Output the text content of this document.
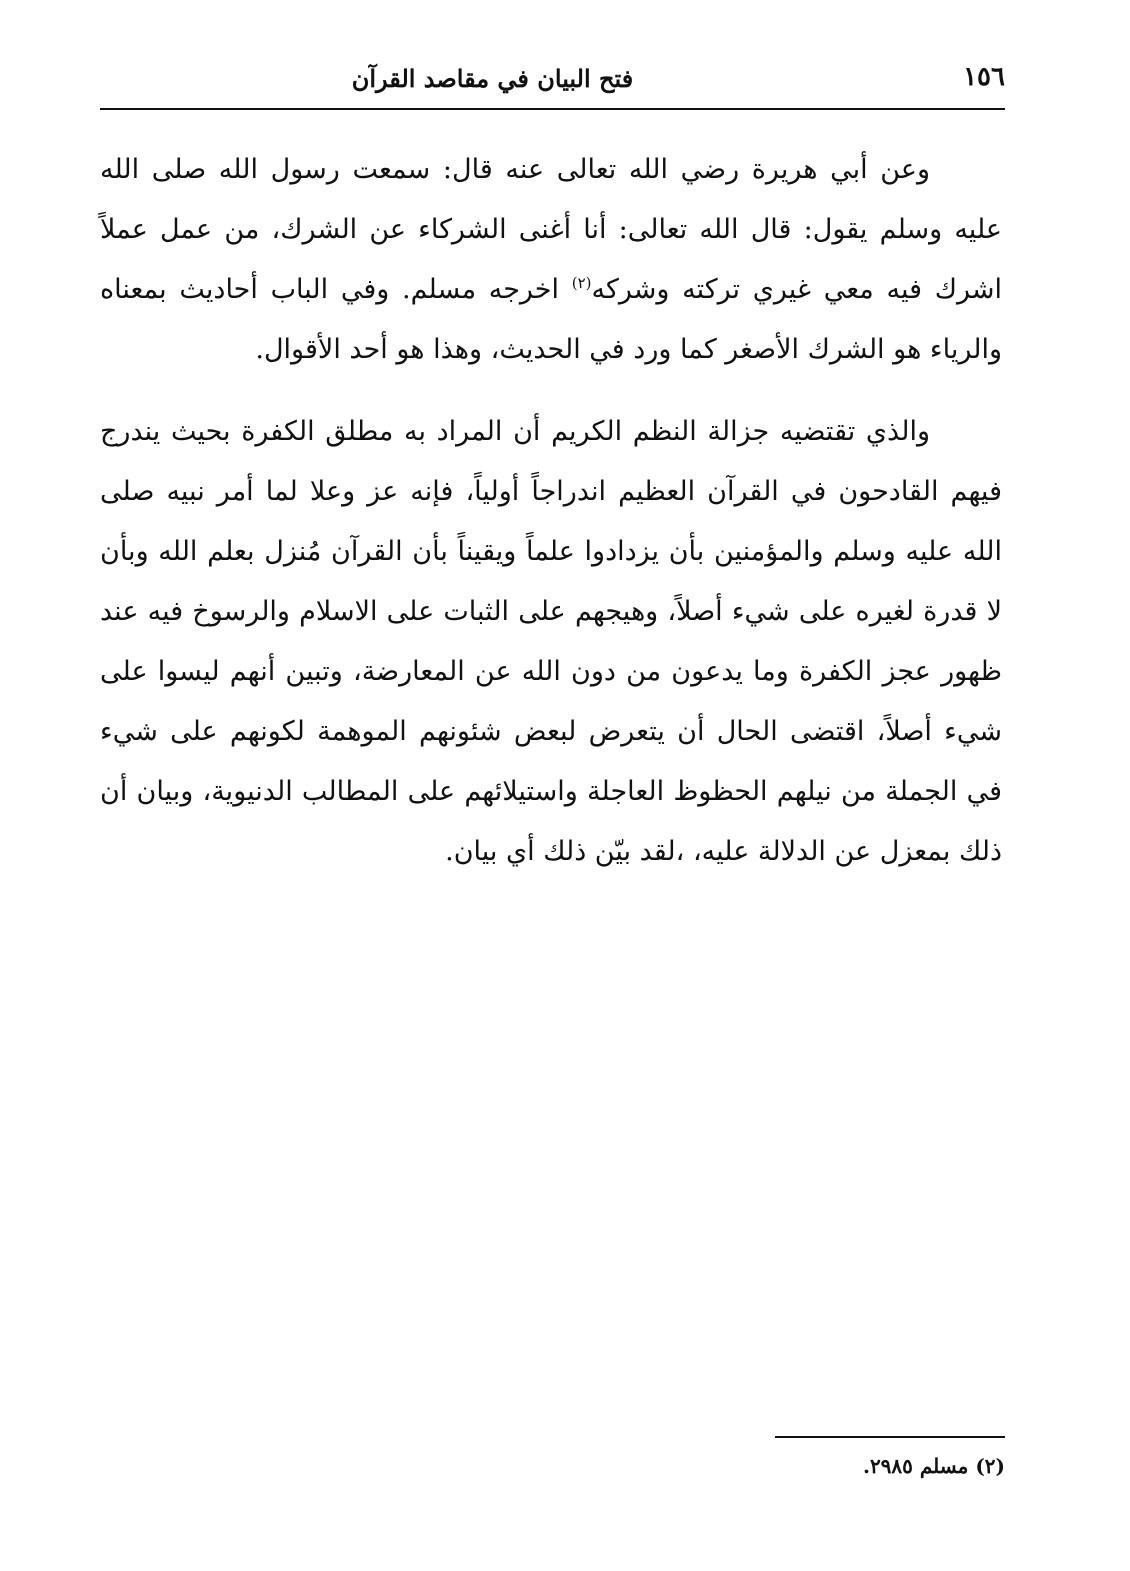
١٥٦
فتح البيان في مقاصد القرآن

وعن أبي هريرة رضي الله تعالى عنه قال: سمعت رسول الله صلى الله عليه وسلم يقول: قال الله تعالى: أنا أغنى الشركاء عن الشرك، من عمل عملاً اشرك فيه معي غيري تركته وشركه$^{(٢)}$ اخرجه مسلم. وفي الباب أحاديث بمعناه والرياء هو الشرك الأصغر كما ورد في الحديث، وهذا هو أحد الأقوال.

والذي تقتضيه جزالة النظم الكريم أن المراد به مطلق الكفرة بحيث يندرج فيهم القادحون في القرآن العظيم اندراجاً أولياً، فإنه عز وعلا لما أمر نبيه صلى الله عليه وسلم والمؤمنين بأن يزدادوا علماً ويقيناً بأن القرآن مُنزل بعلم الله وبأن لا قدرة لغيره على شيء أصلاً، وهيجهم على الثبات على الاسلام والرسوخ فيه عند ظهور عجز الكفرة وما يدعون من دون الله عن المعارضة، وتبين أنهم ليسوا على شيء أصلاً، اقتضى الحال أن يتعرض لبعض شئونهم الموهمة لكونهم على شيء في الجملة من نيلهم الحظوظ العاجلة واستيلائهم على المطالب الدنيوية، وبيان أن ذلك بمعزل عن الدلالة عليه، ،لقد بيّن ذلك أي بيان.

(٢) مسلم ٢٩٨٥.
